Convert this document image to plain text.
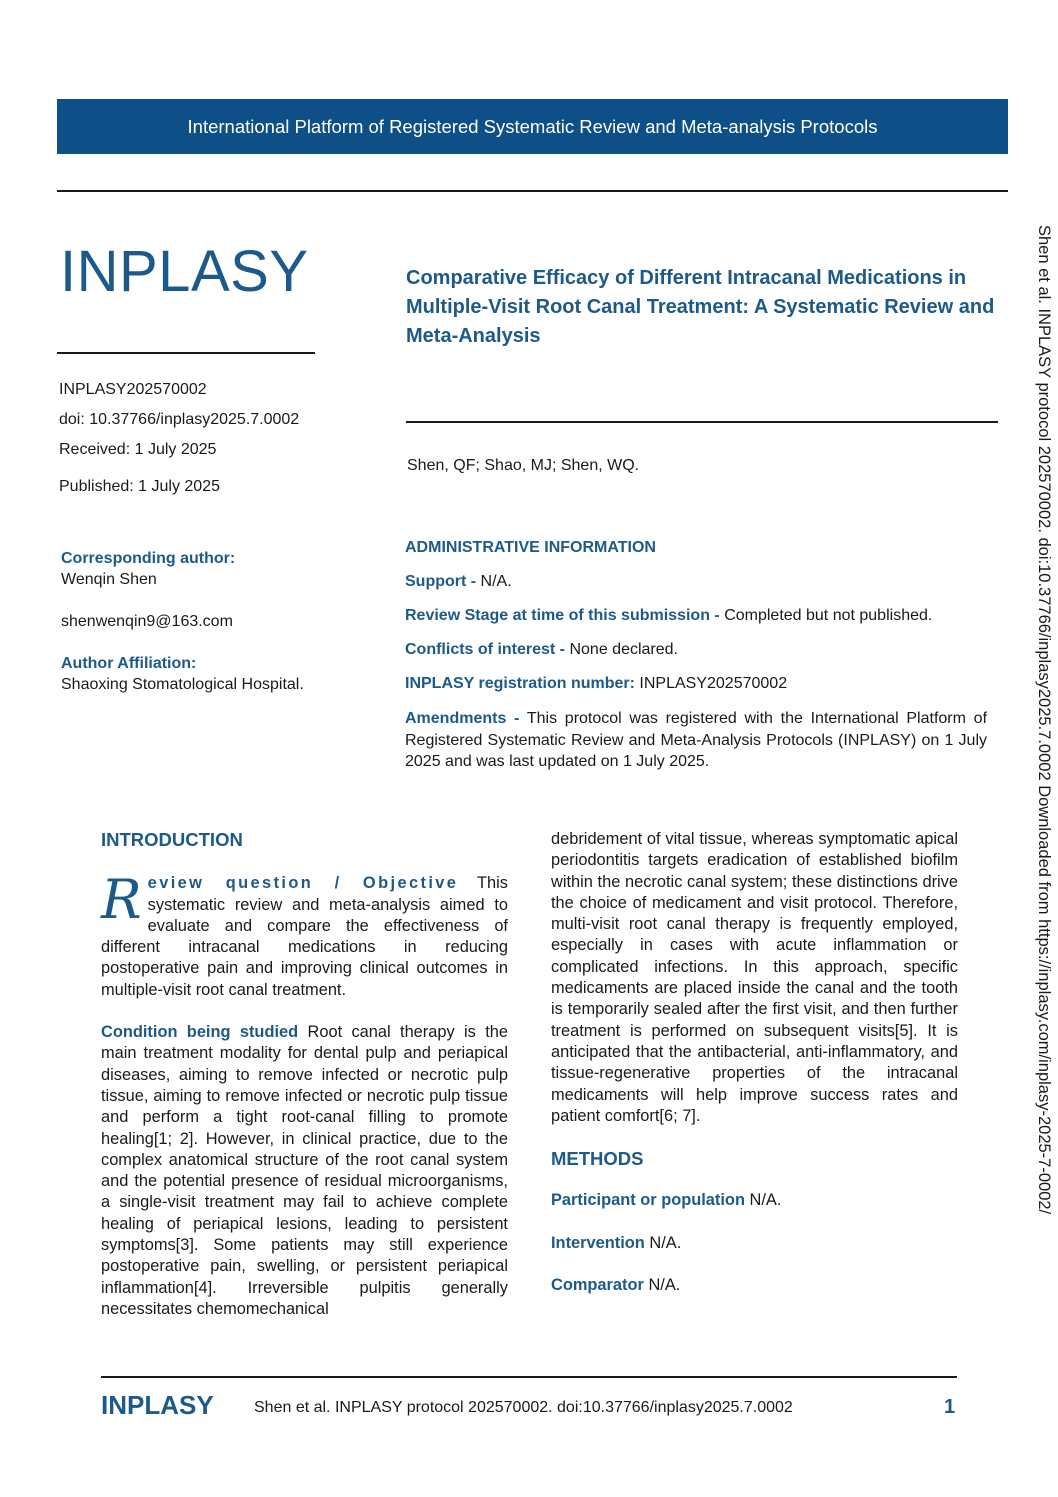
International Platform of Registered Systematic Review and Meta-analysis Protocols
INPLASY
INPLASY202570002
doi: 10.37766/inplasy2025.7.0002
Received: 1 July 2025
Published: 1 July 2025
Comparative Efficacy of Different Intracanal Medications in Multiple-Visit Root Canal Treatment: A Systematic Review and Meta-Analysis
Shen, QF; Shao, MJ; Shen, WQ.
Corresponding author:
Wenqin Shen
shenwenqin9@163.com
Author Affiliation:
Shaoxing Stomatological Hospital.
ADMINISTRATIVE INFORMATION
Support - N/A.
Review Stage at time of this submission - Completed but not published.
Conflicts of interest - None declared.
INPLASY registration number: INPLASY202570002
Amendments - This protocol was registered with the International Platform of Registered Systematic Review and Meta-Analysis Protocols (INPLASY) on 1 July 2025 and was last updated on 1 July 2025.
INTRODUCTION
R eview question / Objective This systematic review and meta-analysis aimed to evaluate and compare the effectiveness of different intracanal medications in reducing postoperative pain and improving clinical outcomes in multiple-visit root canal treatment.
Condition being studied Root canal therapy is the main treatment modality for dental pulp and periapical diseases, aiming to remove infected or necrotic pulp tissue, aiming to remove infected or necrotic pulp tissue and perform a tight root-canal filling to promote healing[1; 2]. However, in clinical practice, due to the complex anatomical structure of the root canal system and the potential presence of residual microorganisms, a single-visit treatment may fail to achieve complete healing of periapical lesions, leading to persistent symptoms[3]. Some patients may still experience postoperative pain, swelling, or persistent periapical inflammation[4]. Irreversible pulpitis generally necessitates chemomechanical
debridement of vital tissue, whereas symptomatic apical periodontitis targets eradication of established biofilm within the necrotic canal system; these distinctions drive the choice of medicament and visit protocol. Therefore, multi-visit root canal therapy is frequently employed, especially in cases with acute inflammation or complicated infections. In this approach, specific medicaments are placed inside the canal and the tooth is temporarily sealed after the first visit, and then further treatment is performed on subsequent visits[5]. It is anticipated that the antibacterial, anti-inflammatory, and tissue-regenerative properties of the intracanal medicaments will help improve success rates and patient comfort[6; 7].
METHODS
Participant or population N/A.
Intervention N/A.
Comparator N/A.
Shen et al. INPLASY protocol 202570002. doi:10.37766/inplasy2025.7.0002 Downloaded from https://inplasy.com/inplasy-2025-7-0002/
INPLASY	Shen et al. INPLASY protocol 202570002. doi:10.37766/inplasy2025.7.0002	1
